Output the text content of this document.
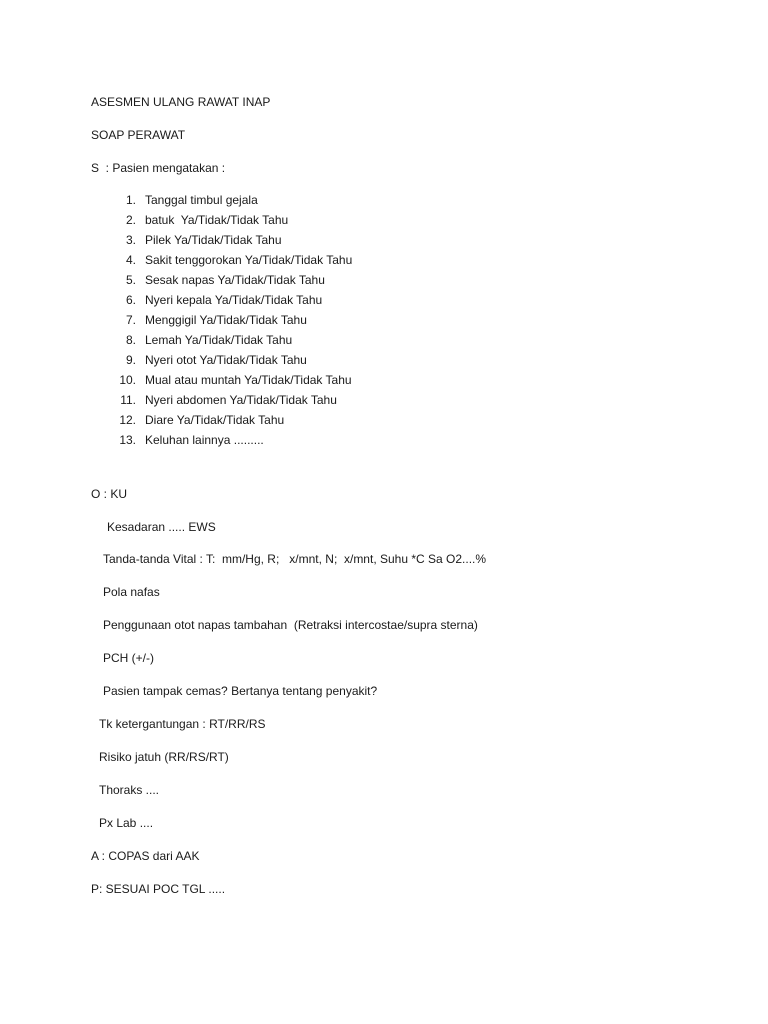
ASESMEN ULANG RAWAT INAP
SOAP PERAWAT
S  : Pasien mengatakan :
1. Tanggal timbul gejala
2. batuk  Ya/Tidak/Tidak Tahu
3. Pilek Ya/Tidak/Tidak Tahu
4. Sakit tenggorokan Ya/Tidak/Tidak Tahu
5. Sesak napas Ya/Tidak/Tidak Tahu
6. Nyeri kepala Ya/Tidak/Tidak Tahu
7. Menggigil Ya/Tidak/Tidak Tahu
8. Lemah Ya/Tidak/Tidak Tahu
9. Nyeri otot Ya/Tidak/Tidak Tahu
10. Mual atau muntah Ya/Tidak/Tidak Tahu
11. Nyeri abdomen Ya/Tidak/Tidak Tahu
12. Diare Ya/Tidak/Tidak Tahu
13. Keluhan lainnya .........
O : KU
Kesadaran ..... EWS
Tanda-tanda Vital : T:  mm/Hg, R;   x/mnt, N;  x/mnt, Suhu *C Sa O2....%
Pola nafas
Penggunaan otot napas tambahan  (Retraksi intercostae/supra sterna)
PCH (+/-)
Pasien tampak cemas? Bertanya tentang penyakit?
Tk ketergantungan : RT/RR/RS
Risiko jatuh (RR/RS/RT)
Thoraks ....
Px Lab ....
A : COPAS dari AAK
P: SESUAI POC TGL .....
